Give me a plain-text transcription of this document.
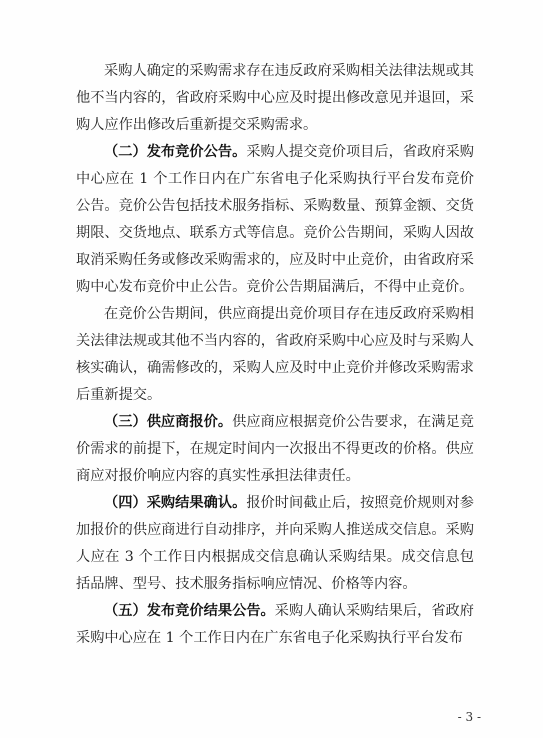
采购人确定的采购需求存在违反政府采购相关法律法规或其他不当内容的，省政府采购中心应及时提出修改意见并退回，采购人应作出修改后重新提交采购需求。

（二）发布竞价公告。采购人提交竞价项目后，省政府采购中心应在 1 个工作日内在广东省电子化采购执行平台发布竞价公告。竞价公告包括技术服务指标、采购数量、预算金额、交货期限、交货地点、联系方式等信息。竞价公告期间，采购人因故取消采购任务或修改采购需求的，应及时中止竞价，由省政府采购中心发布竞价中止公告。竞价公告期届满后，不得中止竞价。

在竞价公告期间，供应商提出竞价项目存在违反政府采购相关法律法规或其他不当内容的，省政府采购中心应及时与采购人核实确认，确需修改的，采购人应及时中止竞价并修改采购需求后重新提交。

（三）供应商报价。供应商应根据竞价公告要求，在满足竞价需求的前提下，在规定时间内一次报出不得更改的价格。供应商应对报价响应内容的真实性承担法律责任。

（四）采购结果确认。报价时间截止后，按照竞价规则对参加报价的供应商进行自动排序，并向采购人推送成交信息。采购人应在 3 个工作日内根据成交信息确认采购结果。成交信息包括品牌、型号、技术服务指标响应情况、价格等内容。

（五）发布竞价结果公告。采购人确认采购结果后，省政府采购中心应在 1 个工作日内在广东省电子化采购执行平台发布

- 3 -
